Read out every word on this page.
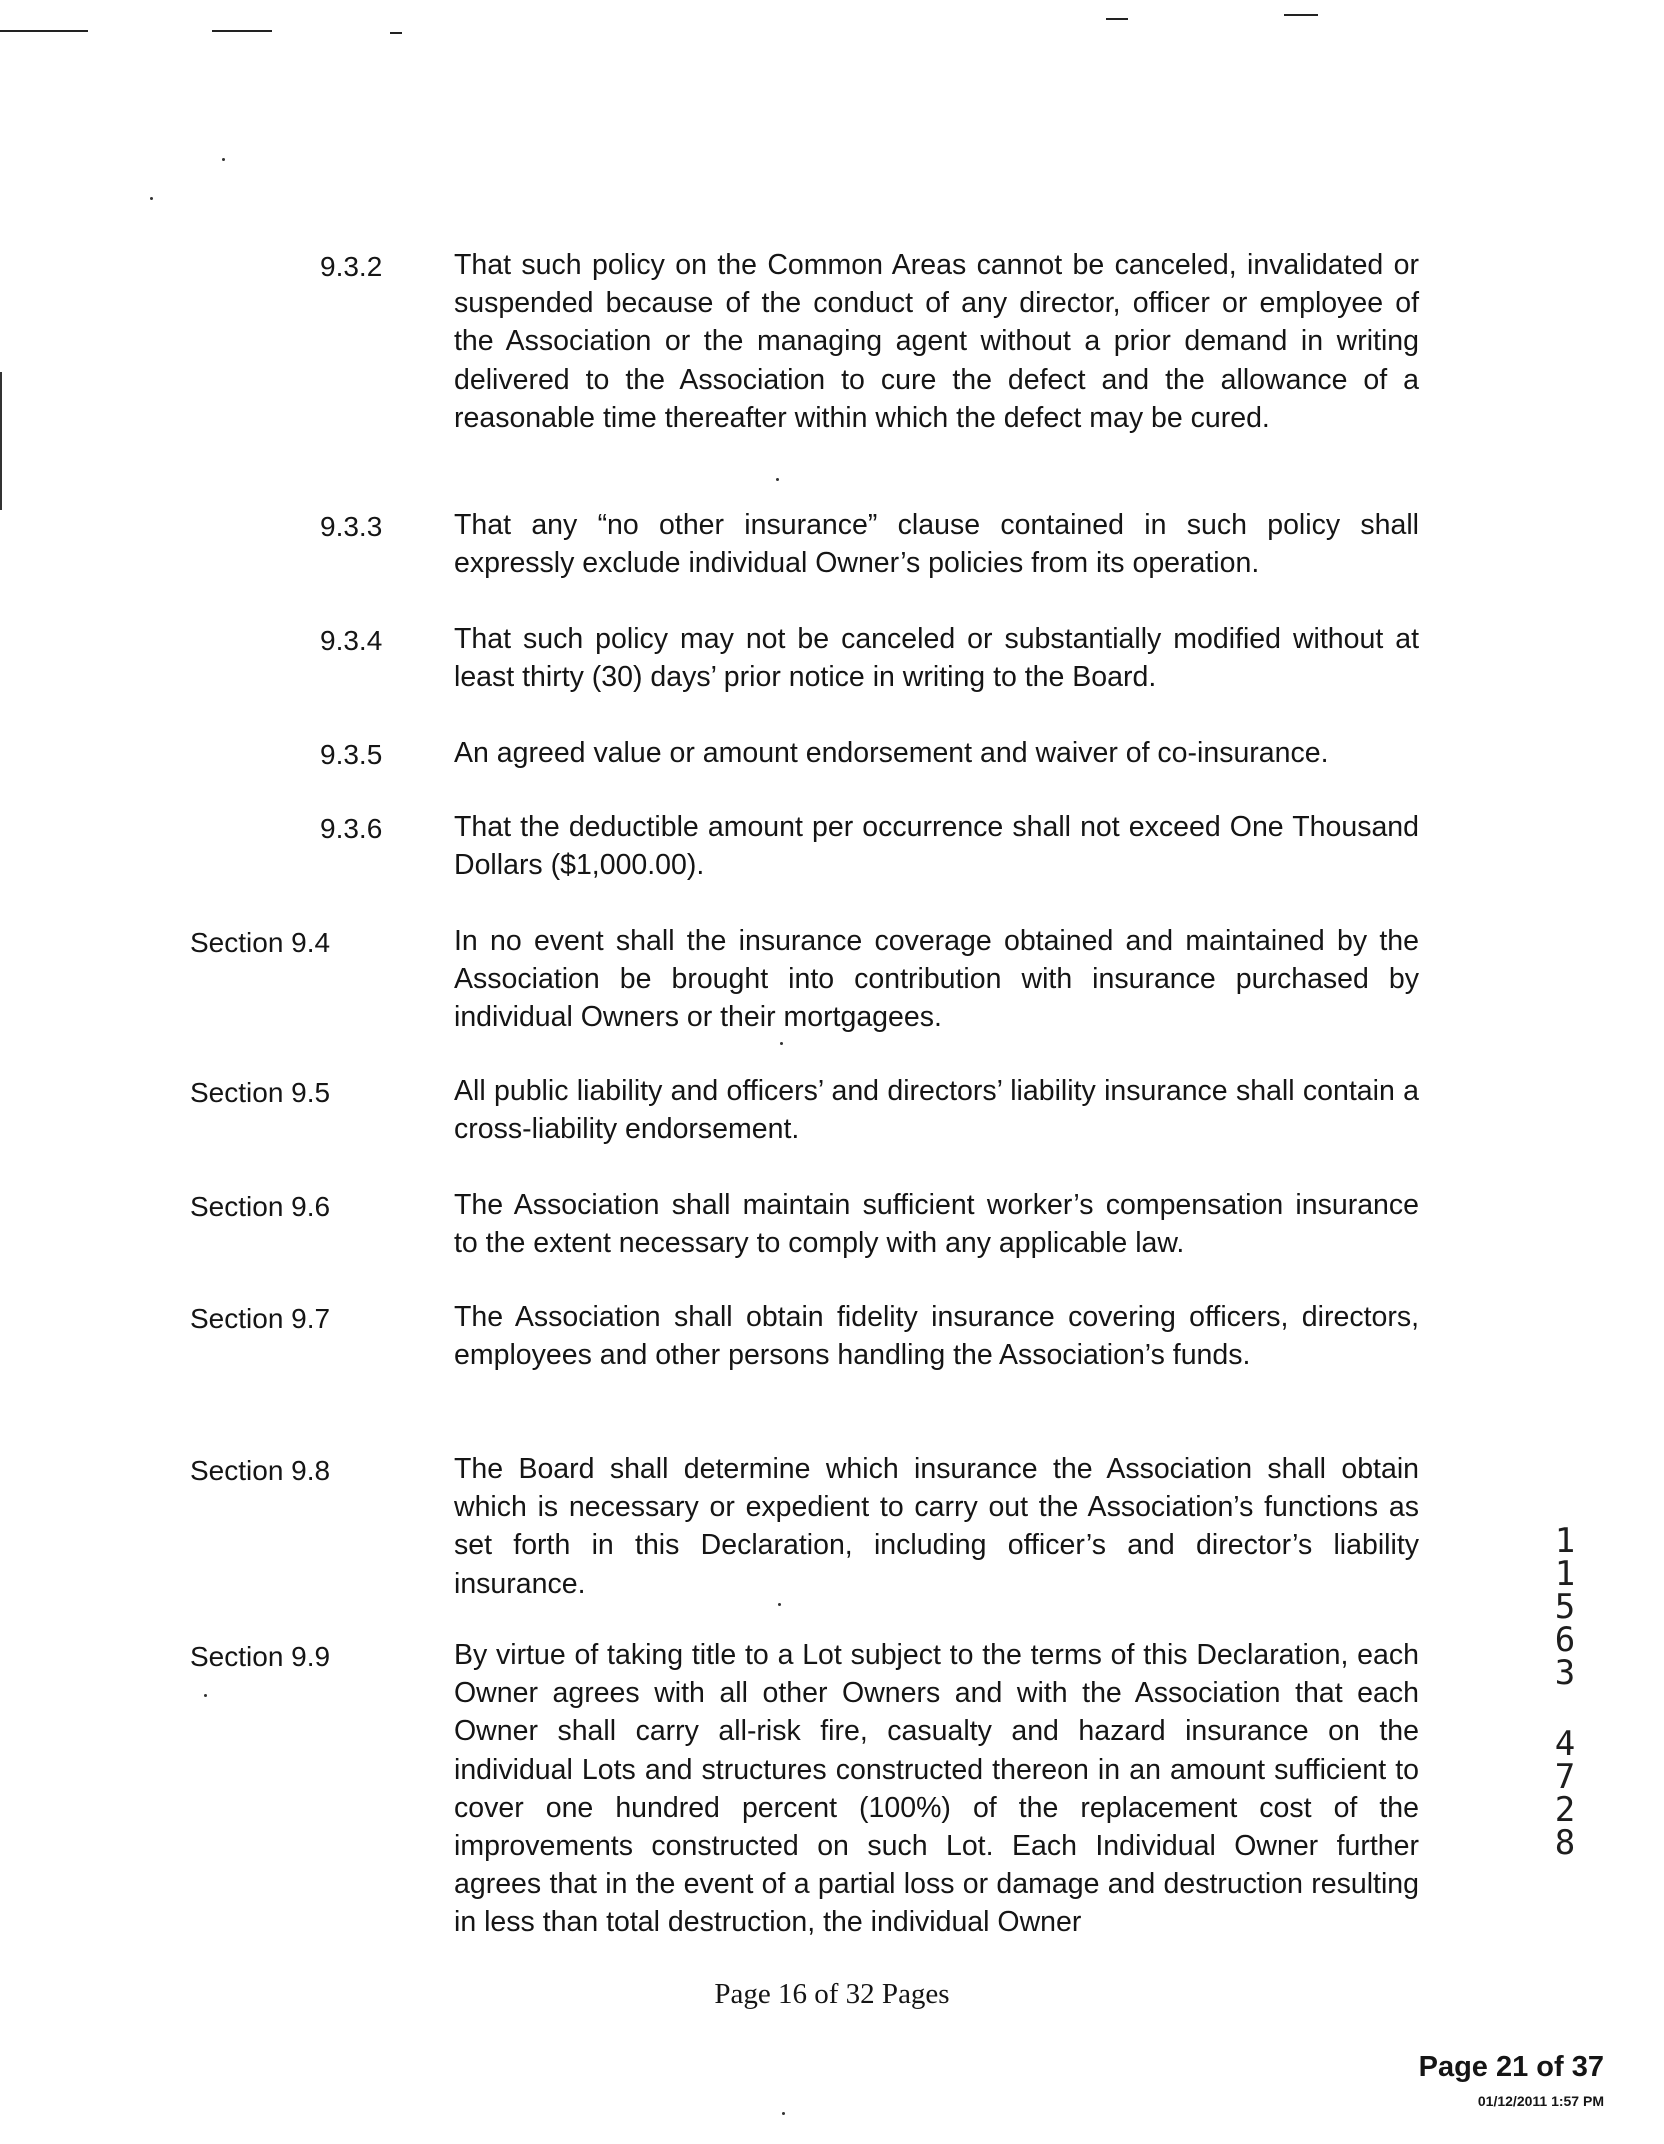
9.3.2	That such policy on the Common Areas cannot be canceled, invalidated or suspended because of the conduct of any director, officer or employee of the Association or the managing agent without a prior demand in writing delivered to the Association to cure the defect and the allowance of a reasonable time thereafter within which the defect may be cured.

9.3.3	That any “no other insurance” clause contained in such policy shall expressly exclude individual Owner’s policies from its operation.

9.3.4	That such policy may not be canceled or substantially modified without at least thirty (30) days’ prior notice in writing to the Board.

9.3.5	An agreed value or amount endorsement and waiver of co-insurance.

9.3.6	That the deductible amount per occurrence shall not exceed One Thousand Dollars ($1,000.00).

Section 9.4	In no event shall the insurance coverage obtained and maintained by the Association be brought into contribution with insurance purchased by individual Owners or their mortgagees.

Section 9.5	All public liability and officers’ and directors’ liability insurance shall contain a cross-liability endorsement.

Section 9.6	The Association shall maintain sufficient worker’s compensation insurance to the extent necessary to comply with any applicable law.

Section 9.7	The Association shall obtain fidelity insurance covering officers, directors, employees and other persons handling the Association’s funds.

Section 9.8	The Board shall determine which insurance the Association shall obtain which is necessary or expedient to carry out the Association’s functions as set forth in this Declaration, including officer’s and director’s liability insurance.

Section 9.9	By virtue of taking title to a Lot subject to the terms of this Declaration, each Owner agrees with all other Owners and with the Association that each Owner shall carry all-risk fire, casualty and hazard insurance on the individual Lots and structures constructed thereon in an amount sufficient to cover one hundred percent (100%) of the replacement cost of the improvements constructed on such Lot. Each Individual Owner further agrees that in the event of a partial loss or damage and destruction resulting in less than total destruction, the individual Owner

1
1
5
6
3
4
7
2
8
Page 16 of 32 Pages
Page 21 of 37
01/12/2011 1:57 PM
